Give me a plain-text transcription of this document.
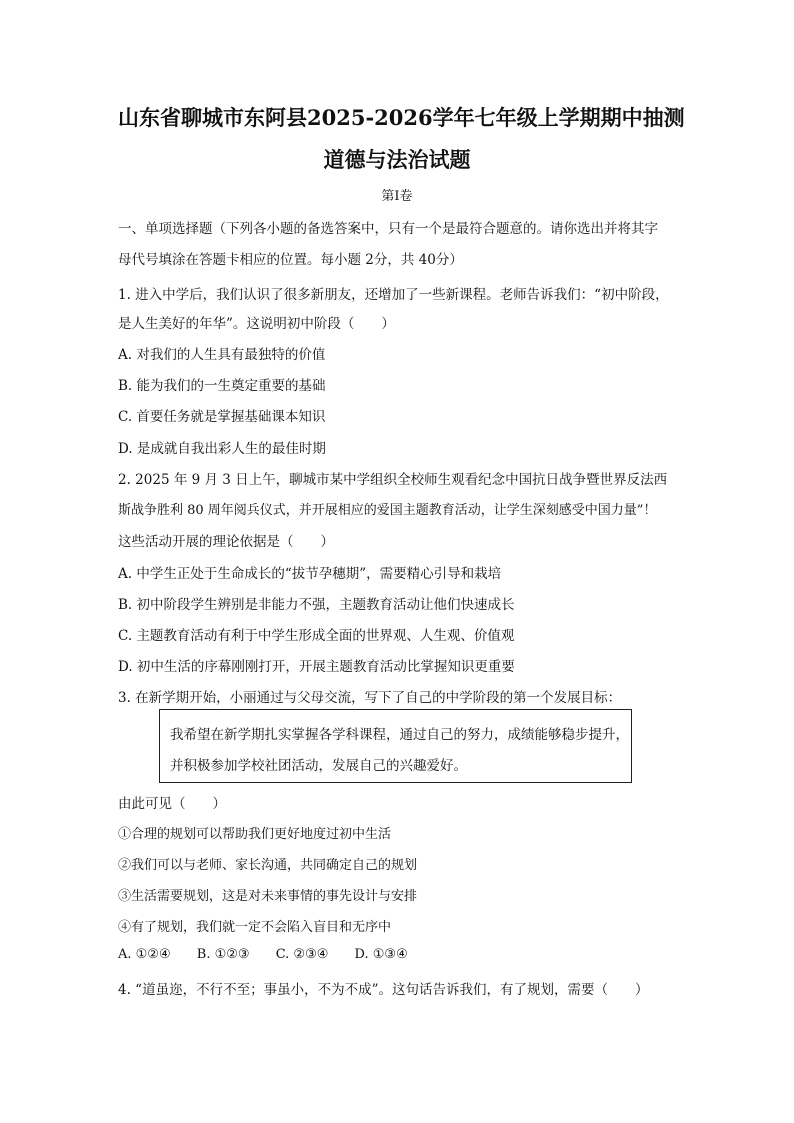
山东省聊城市东阿县2025-2026学年七年级上学期期中抽测
道德与法治试题
第I卷
一、单项选择题（下列各小题的备选答案中，只有一个是最符合题意的。请你选出并将其字
母代号填涂在答题卡相应的位置。每小题 2分，共 40分）
1. 进入中学后，我们认识了很多新朋友，还增加了一些新课程。老师告诉我们：“初中阶段，
是人生美好的年华”。这说明初中阶段（　　）
A. 对我们的人生具有最独特的价值
B. 能为我们的一生奠定重要的基础
C. 首要任务就是掌握基础课本知识
D. 是成就自我出彩人生的最佳时期
2. 2025 年 9 月 3 日上午，聊城市某中学组织全校师生观看纪念中国抗日战争暨世界反法西
斯战争胜利 80 周年阅兵仪式，并开展相应的爱国主题教育活动，让学生深刻感受中国力量”！
这些活动开展的理论依据是（　　）
A. 中学生正处于生命成长的“拔节孕穗期”，需要精心引导和栽培
B. 初中阶段学生辨别是非能力不强，主题教育活动让他们快速成长
C. 主题教育活动有利于中学生形成全面的世界观、人生观、价值观
D. 初中生活的序幕刚刚打开，开展主题教育活动比掌握知识更重要
3. 在新学期开始，小丽通过与父母交流，写下了自己的中学阶段的第一个发展目标：
我希望在新学期扎实掌握各学科课程，通过自己的努力，成绩能够稳步提升，
并积极参加学校社团活动，发展自己的兴趣爱好。
由此可见（　　）
①合理的规划可以帮助我们更好地度过初中生活
②我们可以与老师、家长沟通，共同确定自己的规划
③生活需要规划，这是对未来事情的事先设计与安排
④有了规划，我们就一定不会陷入盲目和无序中
A. ①②④ B. ①②③ C. ②③④ D. ①③④
4. “道虽迩，不行不至；事虽小，不为不成”。这句话告诉我们，有了规划，需要（　　）
